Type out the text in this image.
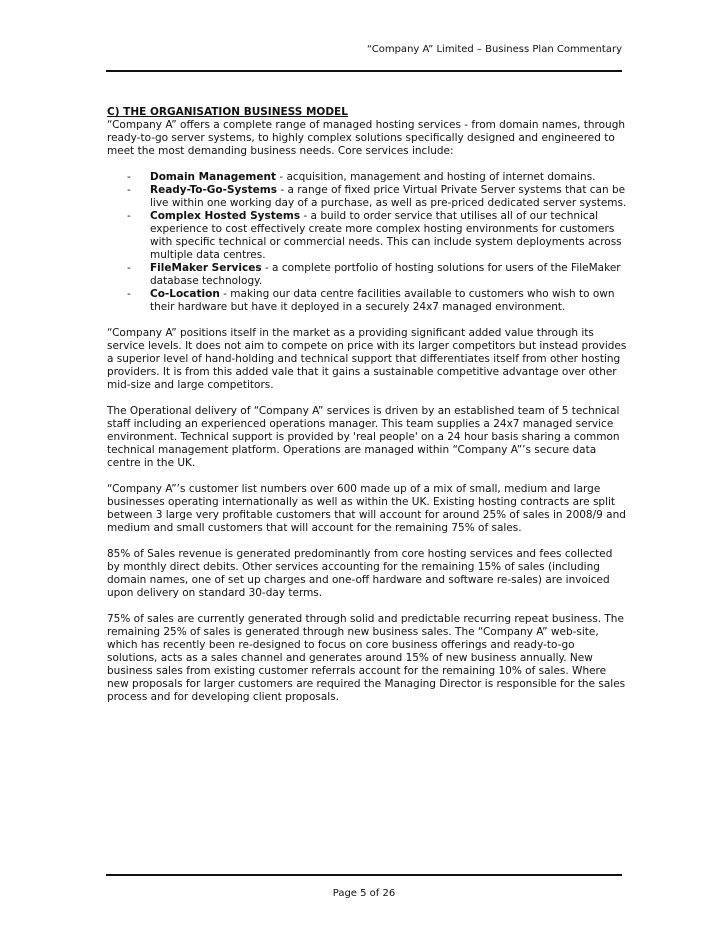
“Company A” Limited – Business Plan Commentary
C) THE ORGANISATION BUSINESS MODEL

“Company A” offers a complete range of managed hosting services - from domain names, through ready-to-go server systems, to highly complex solutions specifically designed and engineered to meet the most demanding business needs. Core services include:

- Domain Management - acquisition, management and hosting of internet domains.
- Ready-To-Go-Systems - a range of fixed price Virtual Private Server systems that can be live within one working day of a purchase, as well as pre-priced dedicated server systems.
- Complex Hosted Systems - a build to order service that utilises all of our technical experience to cost effectively create more complex hosting environments for customers with specific technical or commercial needs. This can include system deployments across multiple data centres.
- FileMaker Services - a complete portfolio of hosting solutions for users of the FileMaker database technology.
- Co-Location - making our data centre facilities available to customers who wish to own their hardware but have it deployed in a securely 24x7 managed environment.

“Company A” positions itself in the market as a providing significant added value through its service levels. It does not aim to compete on price with its larger competitors but instead provides a superior level of hand-holding and technical support that differentiates itself from other hosting providers. It is from this added vale that it gains a sustainable competitive advantage over other mid-size and large competitors.

The Operational delivery of “Company A” services is driven by an established team of 5 technical staff including an experienced operations manager. This team supplies a 24x7 managed service environment. Technical support is provided by 'real people' on a 24 hour basis sharing a common technical management platform. Operations are managed within “Company A”’s secure data centre in the UK.

“Company A”’s customer list numbers over 600 made up of a mix of small, medium and large businesses operating internationally as well as within the UK. Existing hosting contracts are split between 3 large very profitable customers that will account for around 25% of sales in 2008/9 and medium and small customers that will account for the remaining 75% of sales.

85% of Sales revenue is generated predominantly from core hosting services and fees collected by monthly direct debits. Other services accounting for the remaining 15% of sales (including domain names, one of set up charges and one-off hardware and software re-sales) are invoiced upon delivery on standard 30-day terms.

75% of sales are currently generated through solid and predictable recurring repeat business. The remaining 25% of sales is generated through new business sales. The “Company A” web-site, which has recently been re-designed to focus on core business offerings and ready-to-go solutions, acts as a sales channel and generates around 15% of new business annually. New business sales from existing customer referrals account for the remaining 10% of sales. Where new proposals for larger customers are required the Managing Director is responsible for the sales process and for developing client proposals.

Page 5 of 26
